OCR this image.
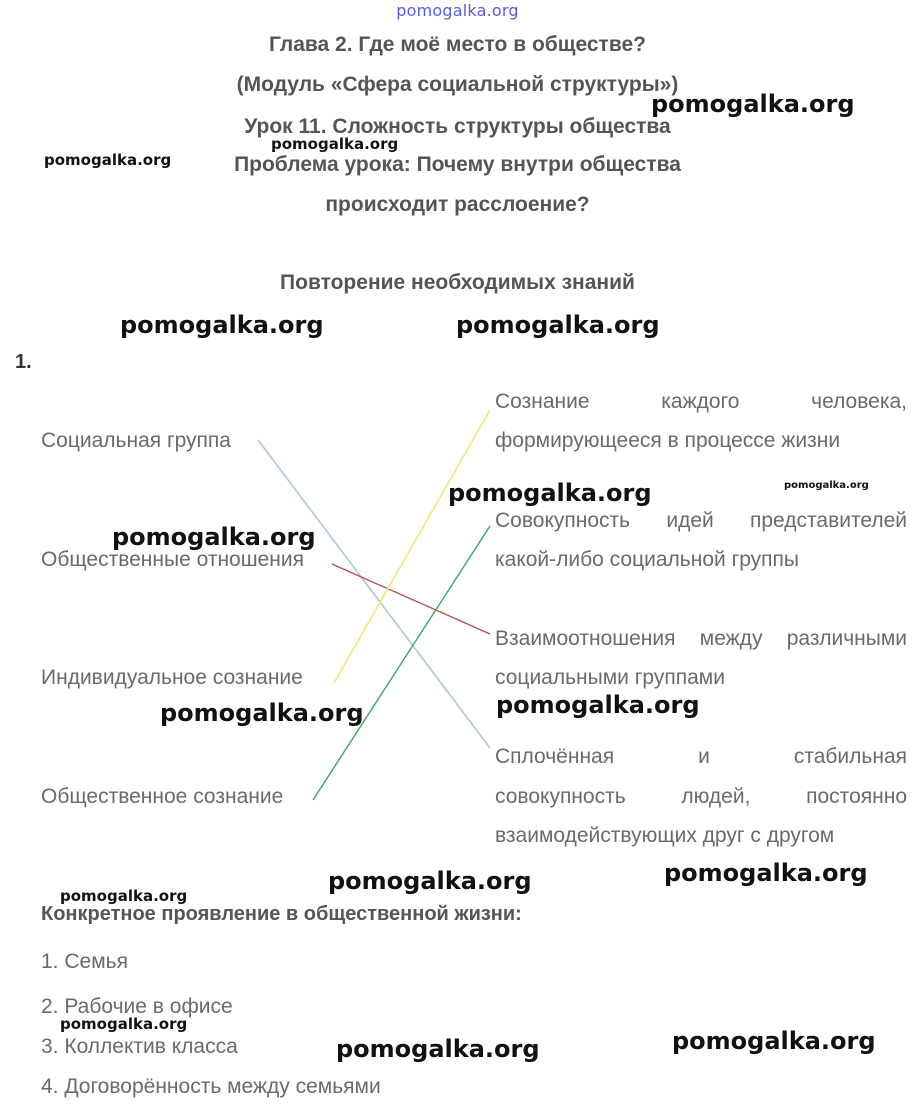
pomogalka.org
Глава 2. Где моё место в обществе?
(Модуль «Сфера социальной структуры»)
Урок 11. Сложность структуры общества
Проблема урока: Почему внутри общества
происходит расслоение?
Повторение необходимых знаний
1.
Социальная группа
Общественные отношения
Индивидуальное сознание
Общественное сознание
Сознание каждого человека,
формирующееся в процессе жизни
Совокупность идей представителей
какой-либо социальной группы
Взаимоотношения между различными
социальными группами
Сплочённая и стабильная
совокупность людей, постоянно
взаимодействующих друг с другом
Конкретное проявление в общественной жизни:
1. Семья
2. Рабочие в офисе
3. Коллектив класса
4. Договорённость между семьями
pomogalka.org
pomogalka.org
pomogalka.org
pomogalka.org	pomogalka.org
pomogalka.org	pomogalka.org
pomogalka.org
pomogalka.org
pomogalka.org
pomogalka.org
pomogalka.org
pomogalka.org
pomogalka.org
pomogalka.org
pomogalka.org
